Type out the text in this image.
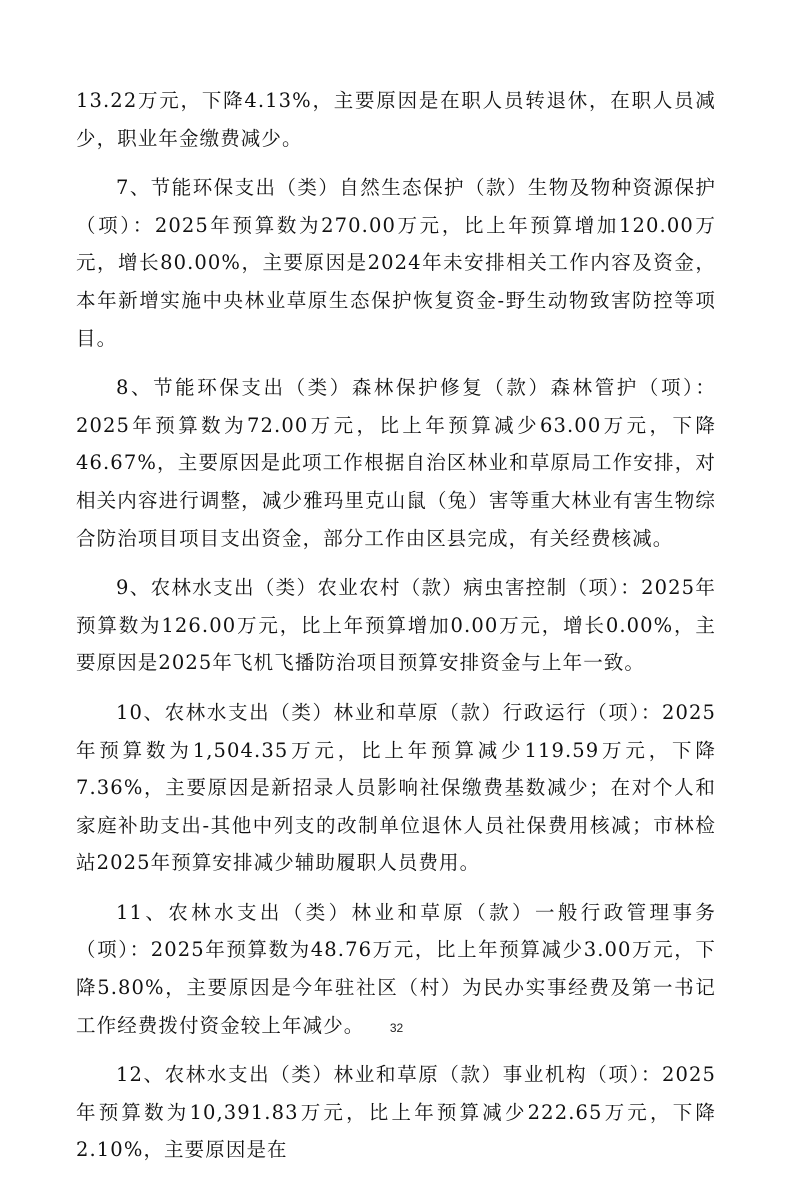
13.22万元，下降4.13%，主要原因是在职人员转退休，在职人员减少，职业年金缴费减少。

7、节能环保支出（类）自然生态保护（款）生物及物种资源保护（项）：2025年预算数为270.00万元，比上年预算增加120.00万元，增长80.00%，主要原因是2024年未安排相关工作内容及资金，本年新增实施中央林业草原生态保护恢复资金-野生动物致害防控等项目。

8、节能环保支出（类）森林保护修复（款）森林管护（项）：2025年预算数为72.00万元，比上年预算减少63.00万元，下降46.67%，主要原因是此项工作根据自治区林业和草原局工作安排，对相关内容进行调整，减少雅玛里克山鼠（兔）害等重大林业有害生物综合防治项目项目支出资金，部分工作由区县完成，有关经费核减。

9、农林水支出（类）农业农村（款）病虫害控制（项）：2025年预算数为126.00万元，比上年预算增加0.00万元，增长0.00%，主要原因是2025年飞机飞播防治项目预算安排资金与上年一致。

10、农林水支出（类）林业和草原（款）行政运行（项）：2025年预算数为1,504.35万元，比上年预算减少119.59万元，下降7.36%，主要原因是新招录人员影响社保缴费基数减少；在对个人和家庭补助支出-其他中列支的改制单位退休人员社保费用核减；市林检站2025年预算安排减少辅助履职人员费用。

11、农林水支出（类）林业和草原（款）一般行政管理事务（项）：2025年预算数为48.76万元，比上年预算减少3.00万元，下降5.80%，主要原因是今年驻社区（村）为民办实事经费及第一书记工作经费拨付资金较上年减少。

12、农林水支出（类）林业和草原（款）事业机构（项）：2025年预算数为10,391.83万元，比上年预算减少222.65万元，下降2.10%，主要原因是在

32
